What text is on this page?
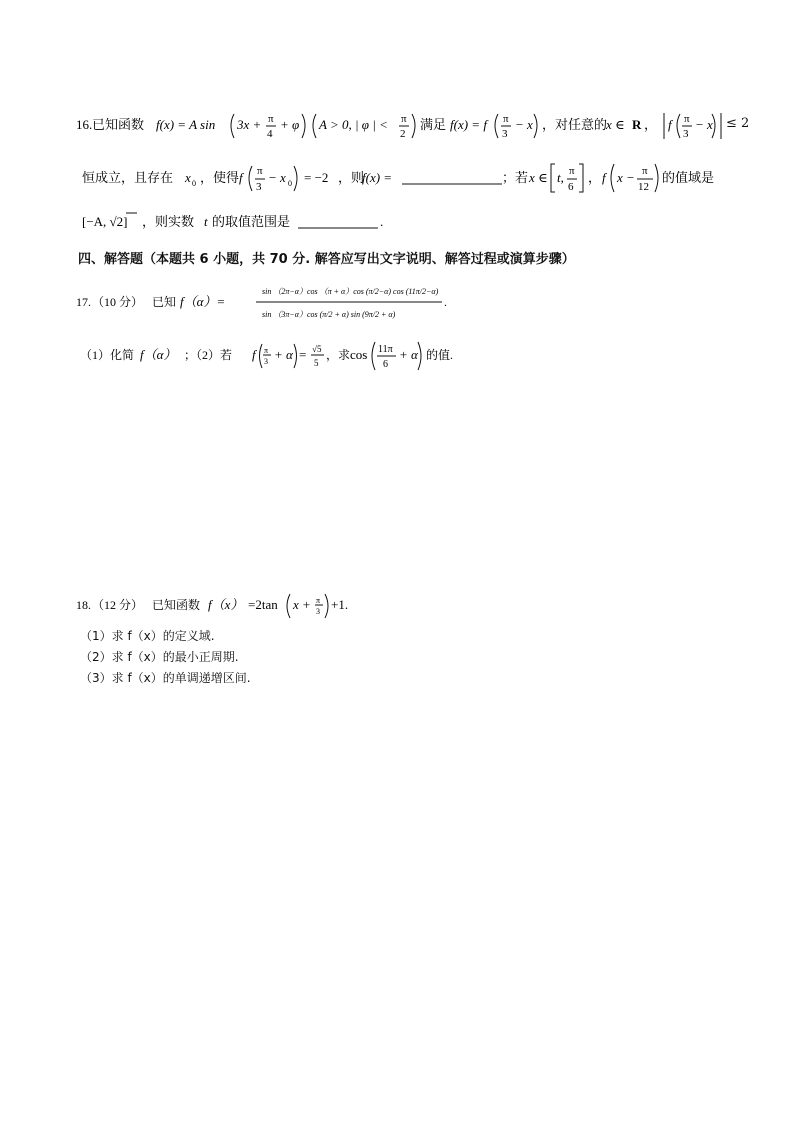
16. 已知函数 f(x) = A sin 3x + π
4
+ φ A > 0, | φ | < π
2
满足 f(x) = f π
3
− x ，对任意的
x ∈ R ， f π
3
− x ≤ 2
恒成立，且存在 x 0 ，使得 f π
3
− x 0 = −2 ，则
f(x) =	；若 x ∈ t, π
6
， f x − π
12
的值域是
[−A, √2] ，则实数 t 的取值范围是	.
四、解答题（本题共 6 小题，共 70 分. 解答应写出文字说明、解答过程或演算步骤）
17. （10 分） 已知 f（α）=
sin （2π−α）cos （π + α）cos (π/2−α) cos (11π/2−α)
sin （3π−α）cos (π/2 + α) sin (9π/2 + α)
.
（1）化简 f（α） ；（2）若 f π
3 + α = √5
5
，求 cos 11π
6
+ α 的值.
18. （12 分） 已知函数 f（x） =2tan x + π
3 +1.
（1）求 f（x）的定义域.
（2）求 f（x）的最小正周期.
（3）求 f（x）的单调递增区间.
